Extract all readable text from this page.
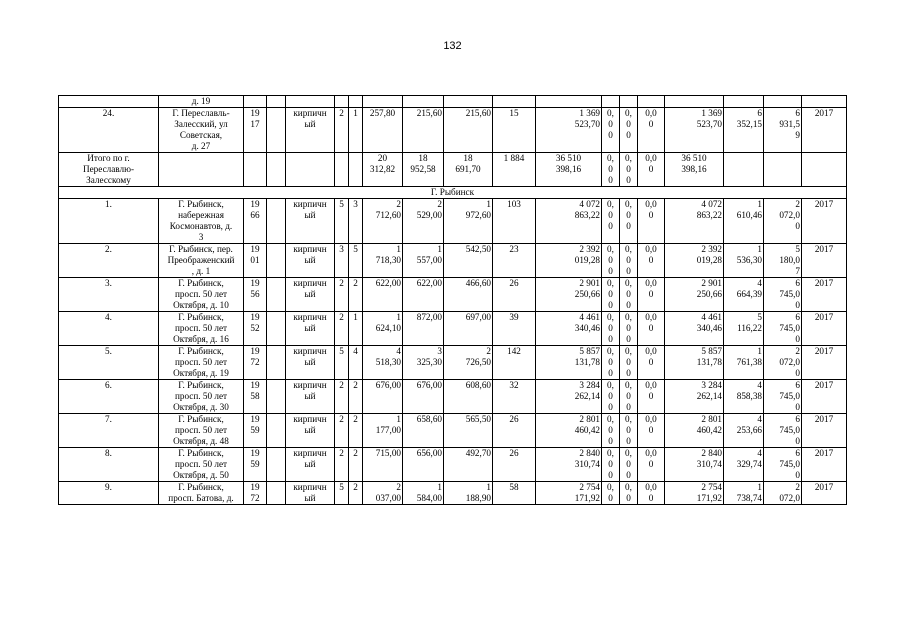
132
	д. 19																	
24.	Г. Переславль-
Залесский, ул
Советская,
д. 27	19
17		кирпичн
ый	2	1	257,80	215,60	215,60	15	1 369
523,70	0,
0
0	0,
0
0	0,0
0	1 369
523,70	6
352,15	6
931,5
9	2017
Итого по г.
Переславлю-
Залесскому							20
312,82	18
952,58	18
691,70	1 884	36 510
398,16	0,
0
0	0,
0
0	0,0
0	36 510
398,16			
Г. Рыбинск																		
1.	Г. Рыбинск,
набережная
Космонавтов, д.
3	19
66		кирпичн
ый	5	3	2
712,60	2
529,00	1
972,60	103	4 072
863,22	0,
0
0	0,
0
0	0,0
0	4 072
863,22	1
610,46	2
072,0
0	2017
2.	Г. Рыбинск, пер.
Преображенский
, д. 1	19
01		кирпичн
ый	3	5	1
718,30	1
557,00	542,50	23	2 392
019,28	0,
0
0	0,
0
0	0,0
0	2 392
019,28	1
536,30	5
180,0
7	2017
3.	Г. Рыбинск,
просп. 50 лет
Октября, д. 10	19
56		кирпичн
ый	2	2	622,00	622,00	466,60	26	2 901
250,66	0,
0
0	0,
0
0	0,0
0	2 901
250,66	4
664,39	6
745,0
0	2017
4.	Г. Рыбинск,
просп. 50 лет
Октября, д. 16	19
52		кирпичн
ый	2	1	1
624,10	872,00	697,00	39	4 461
340,46	0,
0
0	0,
0
0	0,0
0	4 461
340,46	5
116,22	6
745,0
0	2017
5.	Г. Рыбинск,
просп. 50 лет
Октября, д. 19	19
72		кирпичн
ый	5	4	4
518,30	3
325,30	2
726,50	142	5 857
131,78	0,
0
0	0,
0
0	0,0
0	5 857
131,78	1
761,38	2
072,0
0	2017
6.	Г. Рыбинск,
просп. 50 лет
Октября, д. 30	19
58		кирпичн
ый	2	2	676,00	676,00	608,60	32	3 284
262,14	0,
0
0	0,
0
0	0,0
0	3 284
262,14	4
858,38	6
745,0
0	2017
7.	Г. Рыбинск,
просп. 50 лет
Октября, д. 48	19
59		кирпичн
ый	2	2	1
177,00	658,60	565,50	26	2 801
460,42	0,
0
0	0,
0
0	0,0
0	2 801
460,42	4
253,66	6
745,0
0	2017
8.	Г. Рыбинск,
просп. 50 лет
Октября, д. 50	19
59		кирпичн
ый	2	2	715,00	656,00	492,70	26	2 840
310,74	0,
0
0	0,
0
0	0,0
0	2 840
310,74	4
329,74	6
745,0
0	2017
9.	Г. Рыбинск,
просп. Батова, д.	19
72		кирпичн
ый	5	2	2
037,00	1
584,00	1
188,90	58	2 754
171,92	0,
0	0,
0	0,0
0	2 754
171,92	1
738,74	2
072,0	2017
